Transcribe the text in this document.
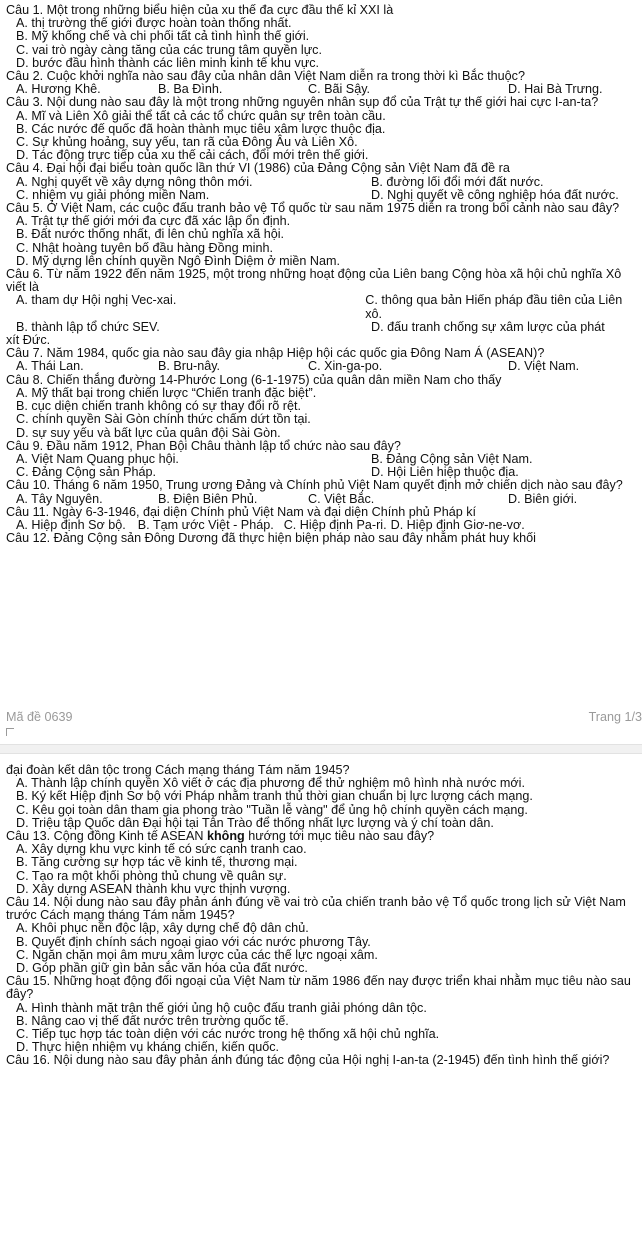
Câu 1. Một trong những biểu hiện của xu thế đa cực đầu thế kỉ XXI là
A. thị trường thế giới được hoàn toàn thống nhất.
B. Mỹ khống chế và chi phối tất cả tình hình thế giới.
C. vai trò ngày càng tăng của các trung tâm quyền lực.
D. bước đầu hình thành các liên minh kinh tế khu vực.
Câu 2. Cuộc khởi nghĩa nào sau đây của nhân dân Việt Nam diễn ra trong thời kì Bắc thuộc?
A. Hương Khê.	B. Ba Đình.	C. Bãi Sậy.	D. Hai Bà Trưng.
Câu 3. Nội dung nào sau đây là một trong những nguyên nhân sụp đổ của Trật tự thế giới hai cực I-an-ta?
A. Mĩ và Liên Xô giải thể tất cả các tổ chức quân sự trên toàn cầu.
B. Các nước đế quốc đã hoàn thành mục tiêu xâm lược thuộc địa.
C. Sự khủng hoảng, suy yếu, tan rã của Đông Âu và Liên Xô.
D. Tác động trực tiếp của xu thế cải cách, đổi mới trên thế giới.
Câu 4. Đại hội đại biểu toàn quốc lần thứ VI (1986) của Đảng Cộng sản Việt Nam đã đề ra
A. Nghị quyết về xây dựng nông thôn mới.	B. đường lối đổi mới đất nước.
C. nhiệm vụ giải phóng miền Nam.	D. Nghị quyết về công nghiệp hóa đất nước.
Câu 5. Ở Việt Nam, các cuộc đấu tranh bảo vệ Tổ quốc từ sau năm 1975 diễn ra trong bối cảnh nào sau đây?
A. Trật tự thế giới mới đa cực đã xác lập ổn định.
B. Đất nước thống nhất, đi lên chủ nghĩa xã hội.
C. Nhật hoàng tuyên bố đầu hàng Đồng minh.
D. Mỹ dựng lên chính quyền Ngô Đình Diệm ở miền Nam.
Câu 6. Từ năm 1922 đến năm 1925, một trong những hoạt động của Liên bang Cộng hòa xã hội chủ nghĩa Xô viết là
A. tham dự Hội nghị Vec-xai.	C. thông qua bản Hiến pháp đầu tiên của Liên xô.
B. thành lập tổ chức SEV.	D. đấu tranh chống sự xâm lược của phát
xít Đức.
Câu 7. Năm 1984, quốc gia nào sau đây gia nhập Hiệp hội các quốc gia Đông Nam Á (ASEAN)?
A. Thái Lan.	B. Bru-nây.	C. Xin-ga-po.	D. Việt Nam.
Câu 8. Chiến thắng đường 14-Phước Long (6-1-1975) của quân dân miền Nam cho thấy
A. Mỹ thất bại trong chiến lược “Chiến tranh đặc biệt”.
B. cục diện chiến tranh không có sự thay đổi rõ rệt.
C. chính quyền Sài Gòn chính thức chấm dứt tồn tại.
D. sự suy yếu và bất lực của quân đội Sài Gòn.
Câu 9. Đầu năm 1912, Phan Bội Châu thành lập tổ chức nào sau đây?
A. Việt Nam Quang phục hội.	B. Đảng Cộng sản Việt Nam.
C. Đảng Cộng sản Pháp.	D. Hội Liên hiệp thuộc địa.
Câu 10. Tháng 6 năm 1950, Trung ương Đảng và Chính phủ Việt Nam quyết định mở chiến dịch nào sau đây?
A. Tây Nguyên.	B. Điện Biên Phủ.	C. Việt Bắc.	D. Biên giới.
Câu 11. Ngày 6-3-1946, đại diện Chính phủ Việt Nam và đại diện Chính phủ Pháp kí
A. Hiệp định Sơ bộ. B. Tạm ước Việt - Pháp. C. Hiệp định Pa-ri. D. Hiệp định Giơ-ne-vơ.
Câu 12. Đảng Cộng sản Đông Dương đã thực hiện biện pháp nào sau đây nhằm phát huy khối
Mã đề 0639	Trang 1/3
đại đoàn kết dân tộc trong Cách mạng tháng Tám năm 1945?
A. Thành lập chính quyền Xô viết ở các địa phương để thử nghiệm mô hình nhà nước mới.
B. Ký kết Hiệp định Sơ bộ với Pháp nhằm tranh thủ thời gian chuẩn bị lực lượng cách mạng.
C. Kêu gọi toàn dân tham gia phong trào "Tuần lễ vàng" để ủng hộ chính quyền cách mạng.
D. Triệu tập Quốc dân Đại hội tại Tân Trào để thống nhất lực lượng và ý chí toàn dân.
Câu 13. Cộng đồng Kinh tế ASEAN không hướng tới mục tiêu nào sau đây?
A. Xây dựng khu vực kinh tế có sức cạnh tranh cao.
B. Tăng cường sự hợp tác về kinh tế, thương mại.
C. Tạo ra một khối phòng thủ chung về quân sự.
D. Xây dựng ASEAN thành khu vực thịnh vượng.
Câu 14. Nội dung nào sau đây phản ánh đúng về vai trò của chiến tranh bảo vệ Tổ quốc trong lịch sử Việt Nam trước Cách mạng tháng Tám năm 1945?
A. Khôi phục nền độc lập, xây dựng chế độ dân chủ.
B. Quyết định chính sách ngoại giao với các nước phương Tây.
C. Ngăn chặn mọi âm mưu xâm lược của các thế lực ngoại xâm.
D. Góp phần giữ gìn bản sắc văn hóa của đất nước.
Câu 15. Những hoạt động đối ngoại của Việt Nam từ năm 1986 đến nay được triển khai nhằm mục tiêu nào sau đây?
A. Hình thành mặt trận thế giới ủng hộ cuộc đấu tranh giải phóng dân tộc.
B. Nâng cao vị thế đất nước trên trường quốc tế.
C. Tiếp tục hợp tác toàn diện với các nước trong hệ thống xã hội chủ nghĩa.
D. Thực hiện nhiệm vụ kháng chiến, kiến quốc.
Câu 16. Nội dung nào sau đây phản ánh đúng tác động của Hội nghị I-an-ta (2-1945) đến tình hình thế giới?
